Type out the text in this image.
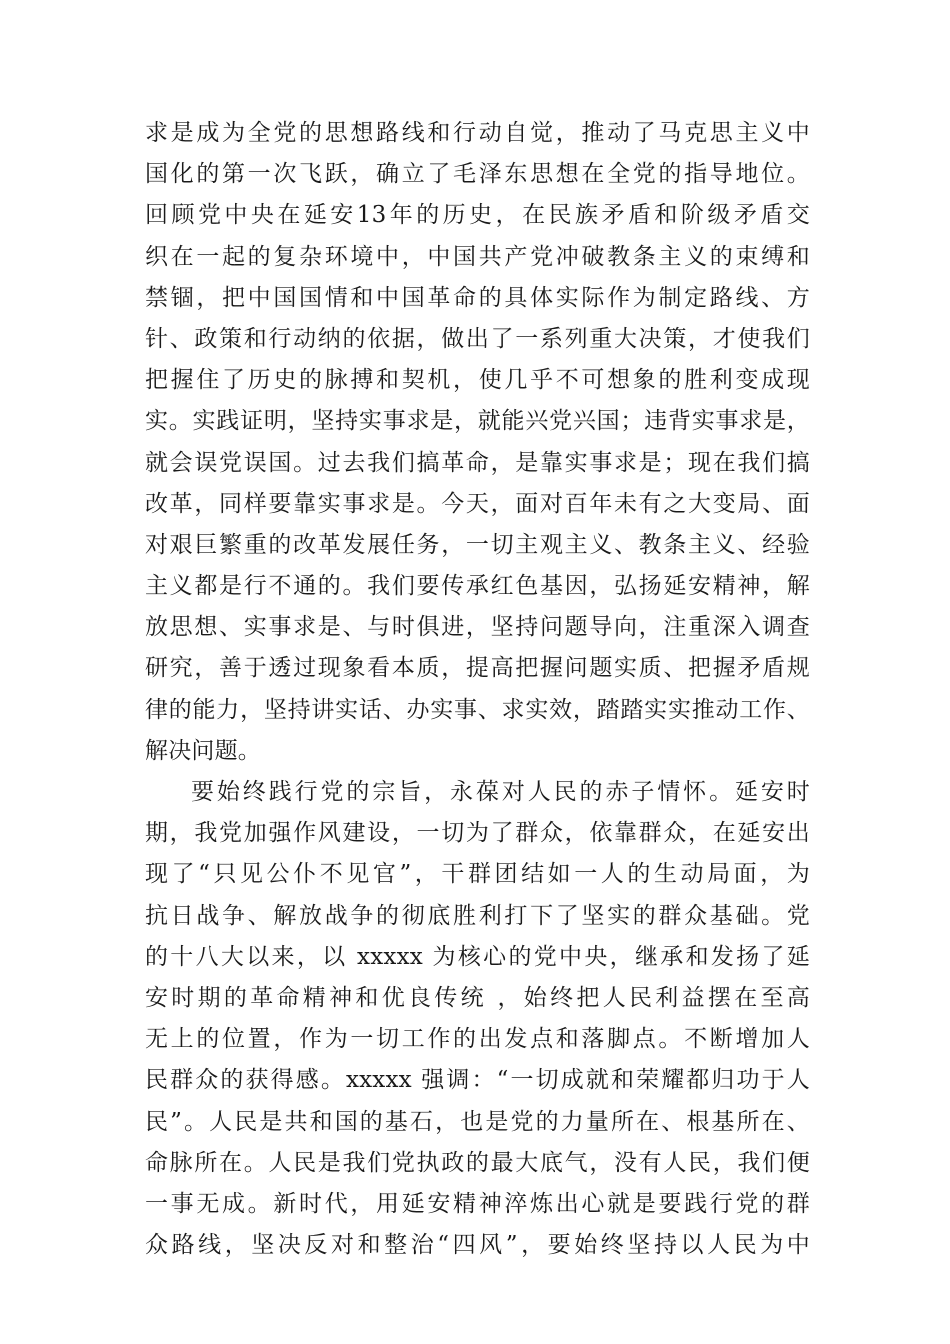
求是成为全党的思想路线和行动自觉，推动了马克思主义中
国化的第一次飞跃，确立了毛泽东思想在全党的指导地位。
回顾党中央在延安13年的历史，在民族矛盾和阶级矛盾交
织在一起的复杂环境中，中国共产党冲破教条主义的束缚和
禁锢，把中国国情和中国革命的具体实际作为制定路线、方
针、政策和行动纳的依据，做出了一系列重大决策，才使我们
把握住了历史的脉搏和契机，使几乎不可想象的胜利变成现
实。实践证明，坚持实事求是，就能兴党兴国；违背实事求是，
就会误党误国。过去我们搞革命，是靠实事求是；现在我们搞
改革，同样要靠实事求是。今天，面对百年未有之大变局、面
对艰巨繁重的改革发展任务，一切主观主义、教条主义、经验
主义都是行不通的。我们要传承红色基因，弘扬延安精神，解
放思想、实事求是、与时俱进，坚持问题导向，注重深入调查
研究，善于透过现象看本质，提高把握问题实质、把握矛盾规
律的能力，坚持讲实话、办实事、求实效，踏踏实实推动工作、
解决问题。
要始终践行党的宗旨，永葆对人民的赤子情怀。延安时
期，我党加强作风建设，一切为了群众，依靠群众，在延安出
现了“只见公仆不见官”，干群团结如一人的生动局面，为
抗日战争、解放战争的彻底胜利打下了坚实的群众基础。党
的十八大以来，以 xxxxx 为核心的党中央，继承和发扬了延
安时期的革命精神和优良传统 ，始终把人民利益摆在至高
无上的位置，作为一切工作的出发点和落脚点。不断增加人
民群众的获得感。xxxxx 强调：“一切成就和荣耀都归功于人
民”。人民是共和国的基石，也是党的力量所在、根基所在、
命脉所在。人民是我们党执政的最大底气，没有人民，我们便
一事无成。新时代，用延安精神淬炼出心就是要践行党的群
众路线，坚决反对和整治“四风”，要始终坚持以人民为中
